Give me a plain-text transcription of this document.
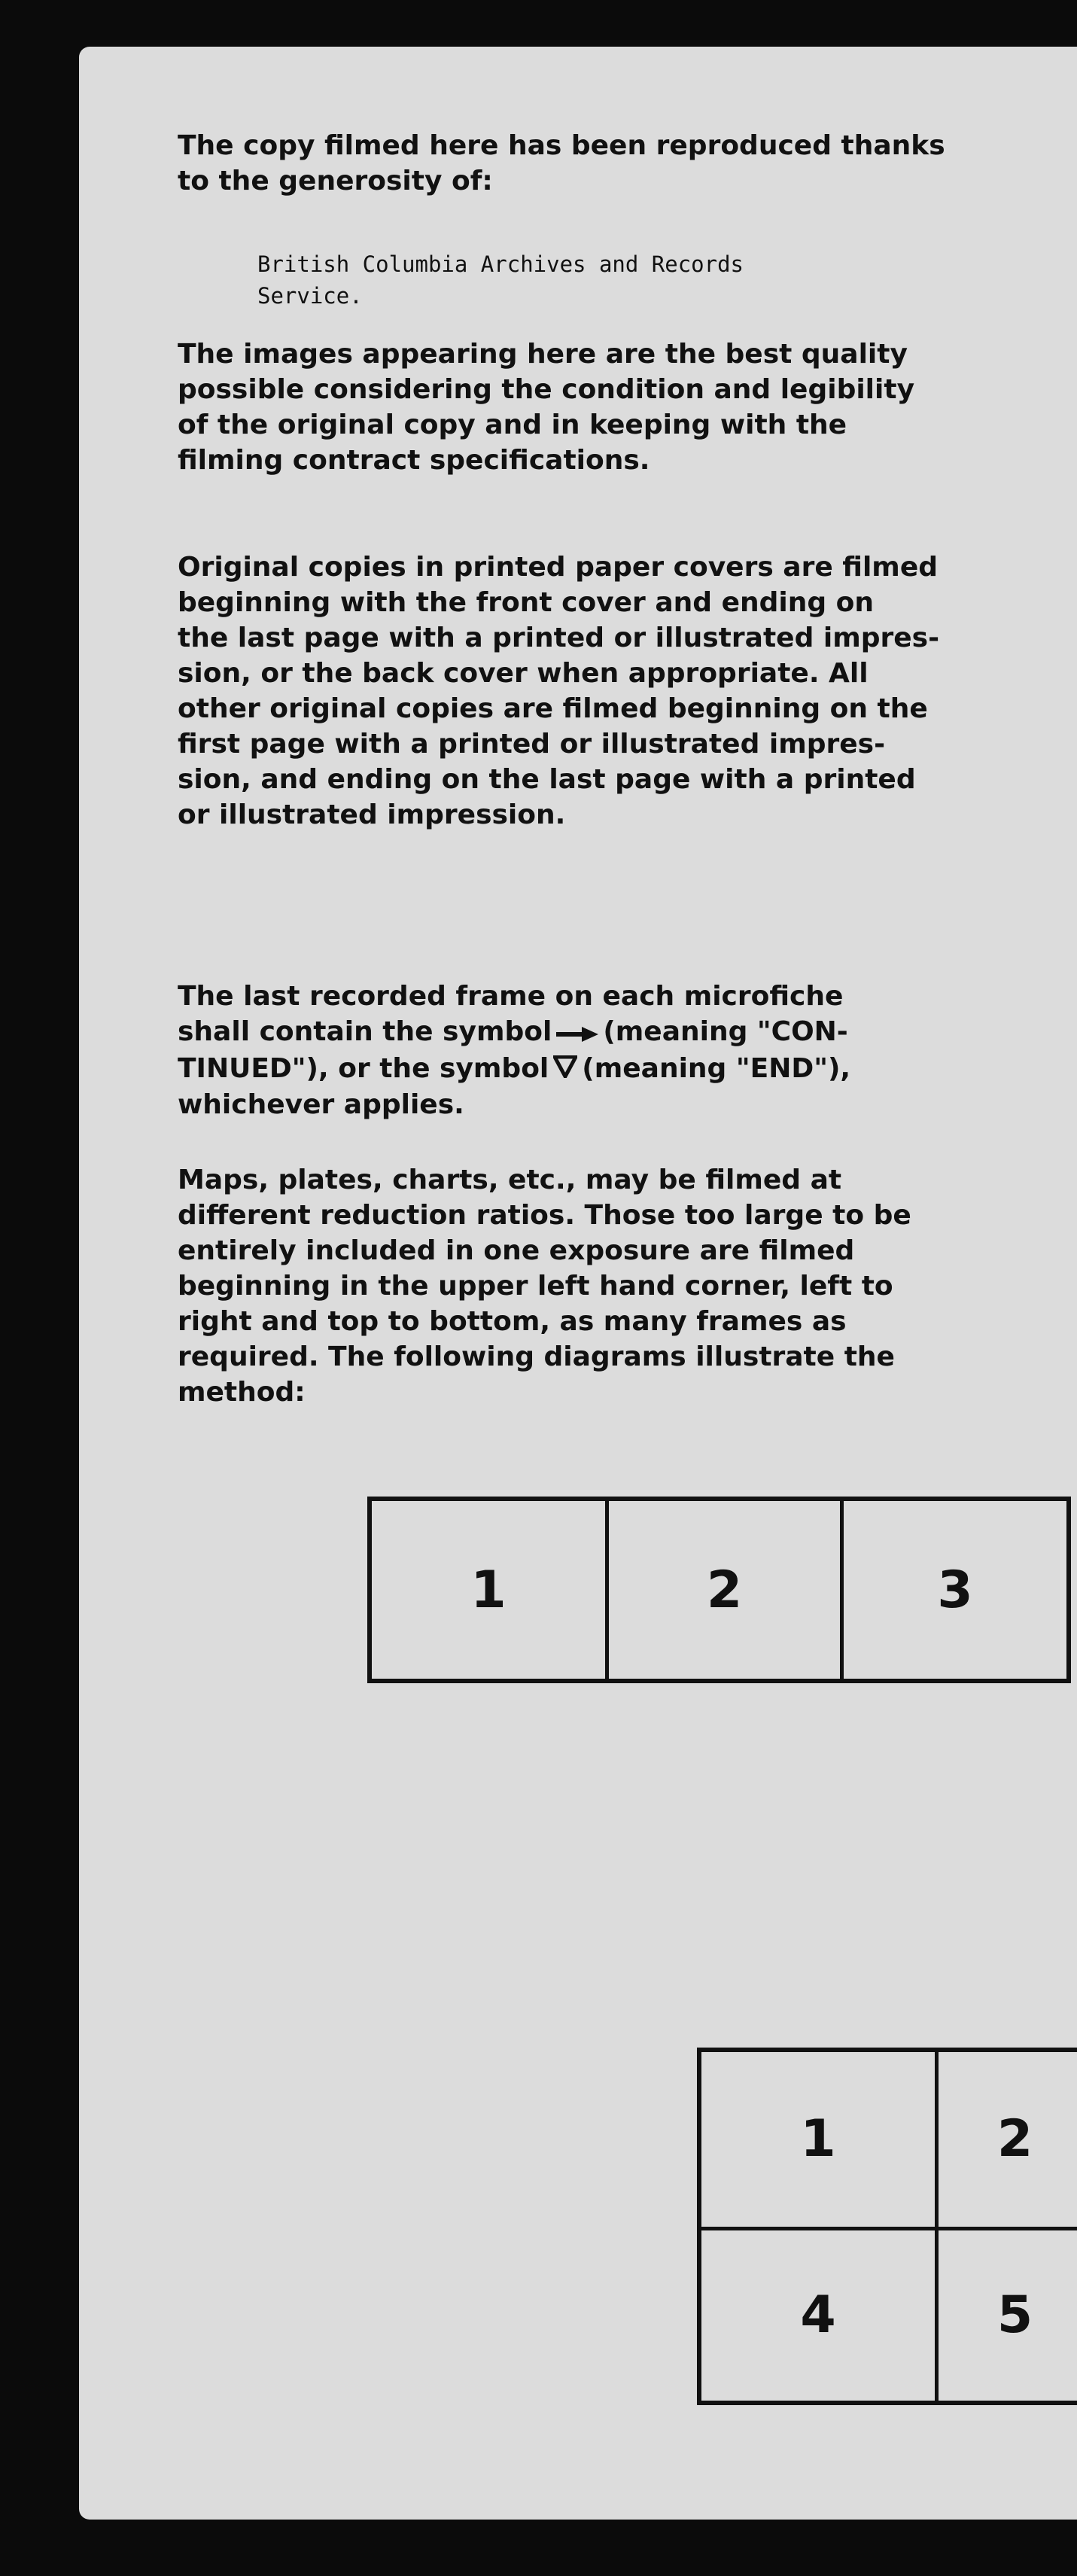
The copy filmed here has been reproduced thanks
to the generosity of:

British Columbia Archives and Records
Service.

The images appearing here are the best quality
possible considering the condition and legibility
of the original copy and in keeping with the
filming contract specifications.

Original copies in printed paper covers are filmed
beginning with the front cover and ending on
the last page with a printed or illustrated impres-
sion, or the back cover when appropriate. All
other original copies are filmed beginning on the
first page with a printed or illustrated impres-
sion, and ending on the last page with a printed
or illustrated impression.

The last recorded frame on each microfiche
shall contain the symbol (meaning "CON-
TINUED"), or the symbol (meaning "END"),
whichever applies.

Maps, plates, charts, etc., may be filmed at
different reduction ratios. Those too large to be
entirely included in one exposure are filmed
beginning in the upper left hand corner, left to
right and top to bottom, as many frames as
required. The following diagrams illustrate the
method:

1	2	3
1	2
4	5
